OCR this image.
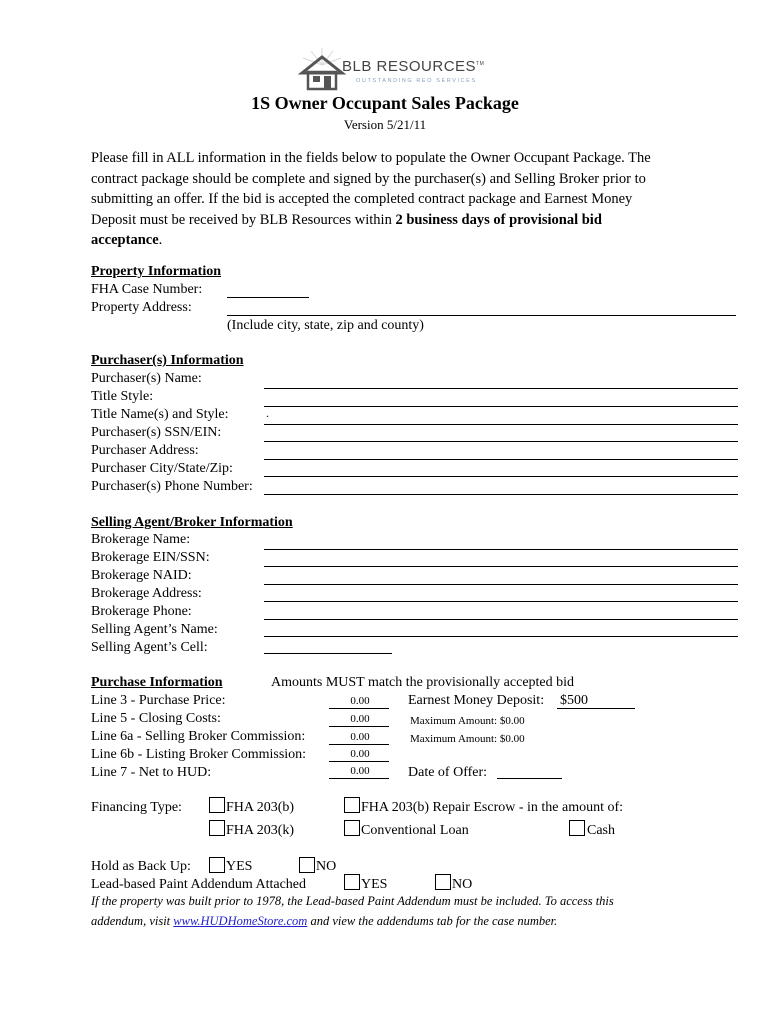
BLB RESOURCES™
OUTSTANDING REO SERVICES
1S Owner Occupant Sales Package
Version 5/21/11
Please fill in ALL information in the fields below to populate the Owner Occupant Package. The
contract package should be complete and signed by the purchaser(s) and Selling Broker prior to
submitting an offer. If the bid is accepted the completed contract package and Earnest Money
Deposit must be received by BLB Resources within 2 business days of provisional bid
acceptance.
Property Information
FHA Case Number:
Property Address:
(Include city, state, zip and county)
Purchaser(s) Information
Purchaser(s) Name:
Title Style:
Title Name(s) and Style:	.
Purchaser(s) SSN/EIN:
Purchaser Address:
Purchaser City/State/Zip:
Purchaser(s) Phone Number:
Selling Agent/Broker Information
Brokerage Name:
Brokerage EIN/SSN:
Brokerage NAID:
Brokerage Address:
Brokerage Phone:
Selling Agent’s Name:
Selling Agent’s Cell:
Purchase Information	Amounts MUST match the provisionally accepted bid
Line 3 - Purchase Price:	0.00
Line 5 - Closing Costs:	0.00
Line 6a - Selling Broker Commission:	0.00
Line 6b - Listing Broker Commission:	0.00
Line 7 - Net to HUD:	0.00
Earnest Money Deposit: $500
Maximum Amount: $0.00
Maximum Amount: $0.00
Date of Offer:
Financing Type:	FHA 203(b)	FHA 203(b) Repair Escrow - in the amount of:
FHA 203(k)	Conventional Loan	Cash
Hold as Back Up:	YES	NO
Lead-based Paint Addendum Attached	YES	NO
If the property was built prior to 1978, the Lead-based Paint Addendum must be included. To access this
addendum, visit www.HUDHomeStore.com and view the addendums tab for the case number.
